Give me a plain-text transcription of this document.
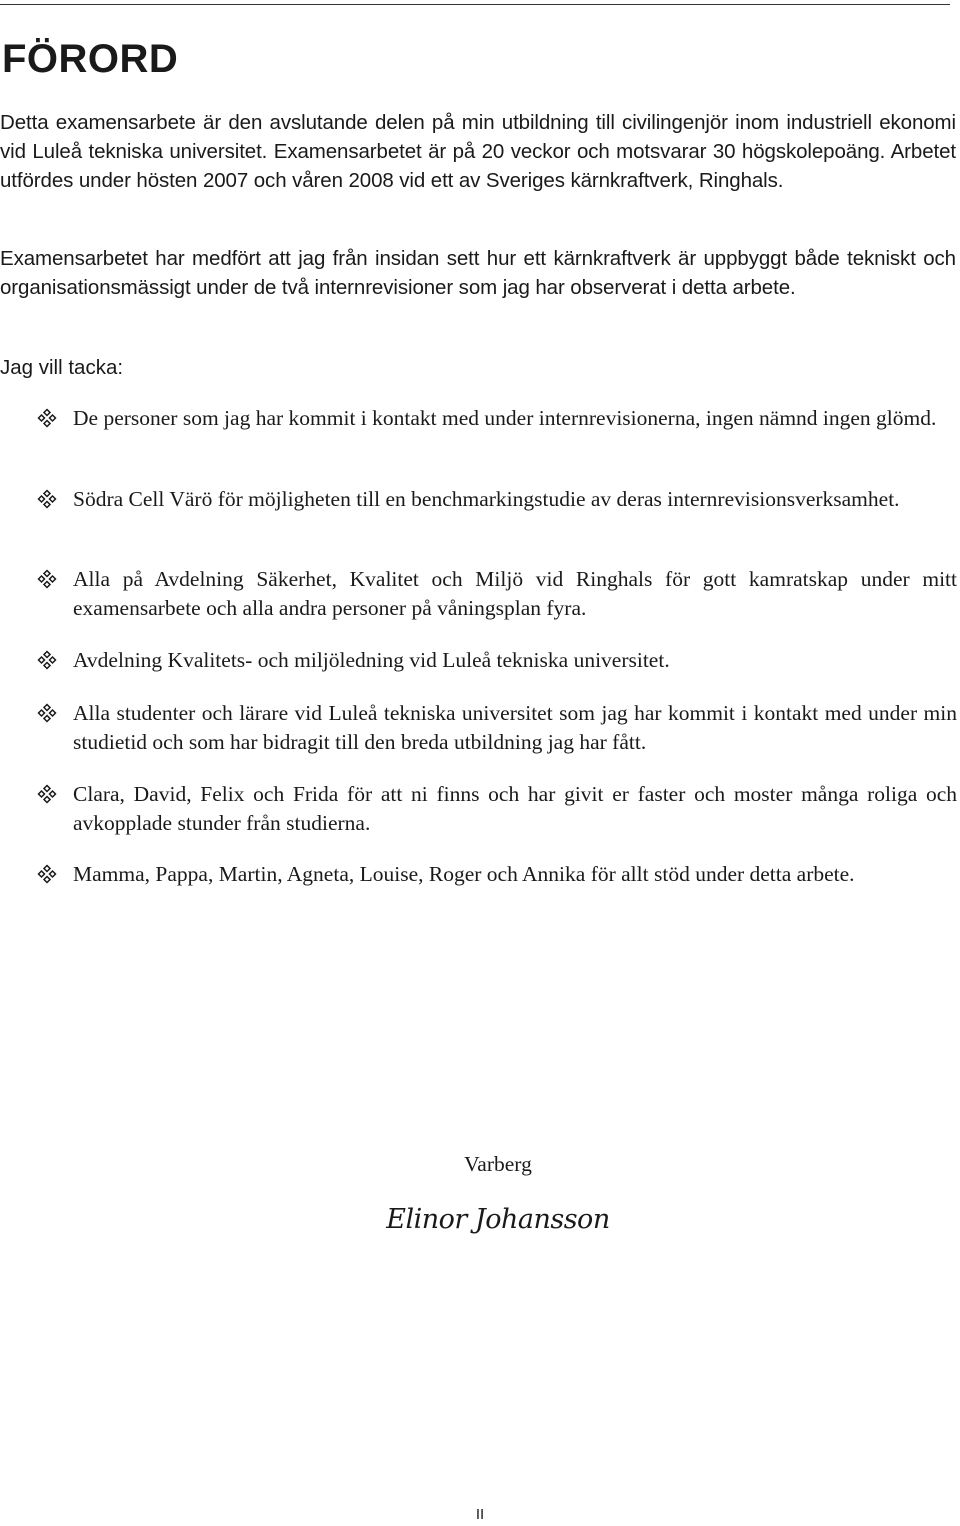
FÖRORD

Detta examensarbete är den avslutande delen på min utbildning till civilingenjör inom industriell ekonomi vid Luleå tekniska universitet. Examensarbetet är på 20 veckor och motsvarar 30 högskolepoäng. Arbetet utfördes under hösten 2007 och våren 2008 vid ett av Sveriges kärnkraftverk, Ringhals.

Examensarbetet har medfört att jag från insidan sett hur ett kärnkraftverk är uppbyggt både tekniskt och organisationsmässigt under de två internrevisioner som jag har observerat i detta arbete.

Jag vill tacka:

De personer som jag har kommit i kontakt med under internrevisionerna, ingen nämnd ingen glömd.
Södra Cell Värö för möjligheten till en benchmarkingstudie av deras internrevisionsverksamhet.
Alla på Avdelning Säkerhet, Kvalitet och Miljö vid Ringhals för gott kamratskap under mitt examensarbete och alla andra personer på våningsplan fyra.
Avdelning Kvalitets- och miljöledning vid Luleå tekniska universitet.
Alla studenter och lärare vid Luleå tekniska universitet som jag har kommit i kontakt med under min studietid och som har bidragit till den breda utbildning jag har fått.
Clara, David, Felix och Frida för att ni finns och har givit er faster och moster många roliga och avkopplade stunder från studierna.
Mamma, Pappa, Martin, Agneta, Louise, Roger och Annika för allt stöd under detta arbete.
Varberg
Elinor Johansson
II
